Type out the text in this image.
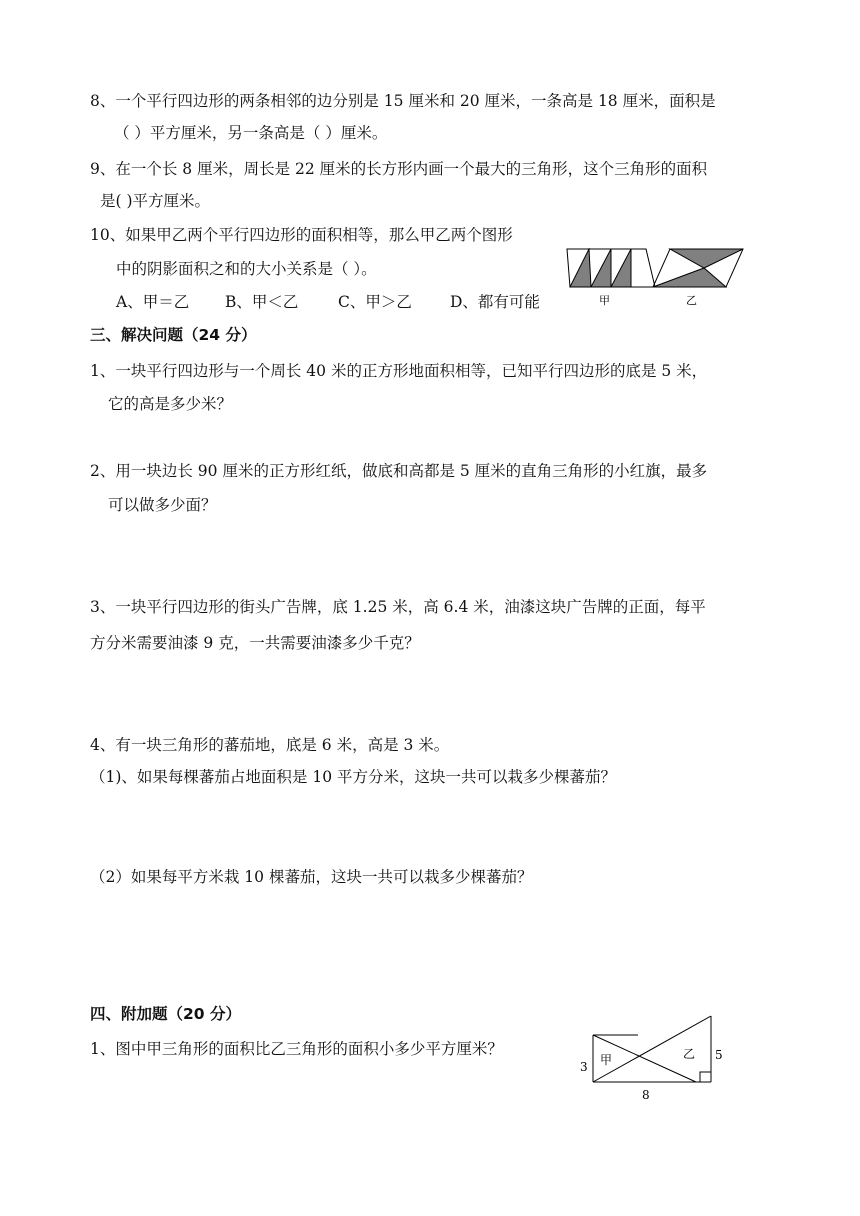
8、一个平行四边形的两条相邻的边分别是 15 厘米和 20 厘米，一条高是 18 厘米，面积是
（ ）平方厘米，另一条高是（ ）厘米。
9、在一个长 8 厘米，周长是 22 厘米的长方形内画一个最大的三角形，这个三角形的面积
是( )平方厘米。
10、如果甲乙两个平行四边形的面积相等，那么甲乙两个图形
中的阴影面积之和的大小关系是（ ）。
A、甲＝乙 B、甲＜乙	C、甲＞乙 D、都有可能	甲	乙
三、解决问题（24 分）
1、一块平行四边形与一个周长 40 米的正方形地面积相等，已知平行四边形的底是 5 米，
它的高是多少米？
2、用一块边长 90 厘米的正方形红纸，做底和高都是 5 厘米的直角三角形的小红旗，最多
可以做多少面？
3、一块平行四边形的街头广告牌，底 1.25 米，高 6.4 米，油漆这块广告牌的正面，每平
方分米需要油漆 9 克，一共需要油漆多少千克？
4、有一块三角形的蕃茄地，底是 6 米，高是 3 米。
（1)、如果每棵蕃茄占地面积是 10 平方分米，这块一共可以栽多少棵蕃茄？
（2）如果每平方米栽 10 棵蕃茄，这块一共可以栽多少棵蕃茄？
四、附加题（20 分）
1、图中甲三角形的面积比乙三角形的面积小多少平方厘米？
3
5
8
甲	乙
